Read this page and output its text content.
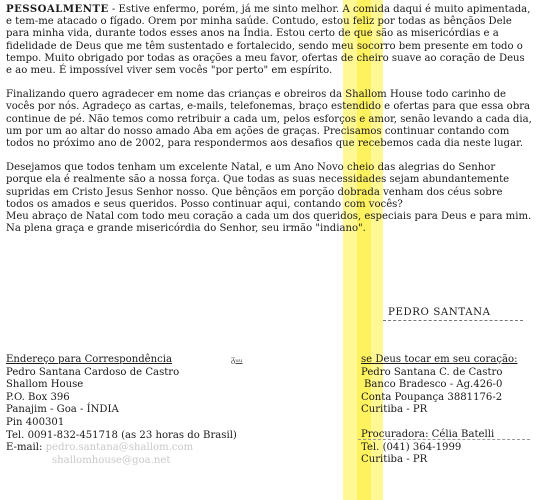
PESSOALMENTE - Estive enfermo, porém, já me sinto melhor. A comida daqui é muito apimentada, e tem-me atacado o fígado. Orem por minha saúde. Contudo, estou feliz por todas as bênçãos Dele para minha vida, durante todos esses anos na Índia. Estou certo de que são as misericórdias e a fidelidade de Deus que me têm sustentado e fortalecido, sendo meu socorro bem presente em todo o tempo. Muito obrigado por todas as orações a meu favor, ofertas de cheiro suave ao coração de Deus e ao meu. É impossível viver sem vocês "por perto" em espírito.

Finalizando quero agradecer em nome das crianças e obreiros da Shallom House todo carinho de vocês por nós. Agradeço as cartas, e-mails, telefonemas, braço estendido e ofertas para que essa obra continue de pé. Não temos como retribuir a cada um, pelos esforços e amor, senão levando a cada dia, um por um ao altar do nosso amado Aba em ações de graças. Precisamos continuar contando com todos no próximo ano de 2002, para respondermos aos desafios que recebemos cada dia neste lugar.

Desejamos que todos tenham um excelente Natal, e um Ano Novo cheio das alegrias do Senhor porque ela é realmente são a nossa força. Que todas as suas necessidades sejam abundantemente supridas em Cristo Jesus Senhor nosso. Que bênçãos em porção dobrada venham dos céus sobre todos os amados e seus queridos. Posso continuar aqui, contando com vocês?

Meu abraço de Natal com todo meu coração a cada um dos queridos, especiais para Deus e para mim. Na plena graça e grande misericórdia do Senhor, seu irmão "indiano".

PEDRO SANTANA
ᵹᵤᵤ
Endereço para Correspondência
Pedro Santana Cardoso de Castro
Shallom House
P.O. Box 396
Panajim - Goa - ÍNDIA
Pin 400301
Tel. 0091-832-451718 (as 23 horas do Brasil)
E-mail: pedro.santana@shallom.com
shallomhouse@goa.net
se Deus tocar em seu coração:
Pedro Santana C. de Castro
Banco Bradesco - Ag.426-0
Conta Poupança 3881176-2
Curitiba - PR
Procuradora: Célia Batelli
Tel. (041) 364-1999
Curitiba - PR
